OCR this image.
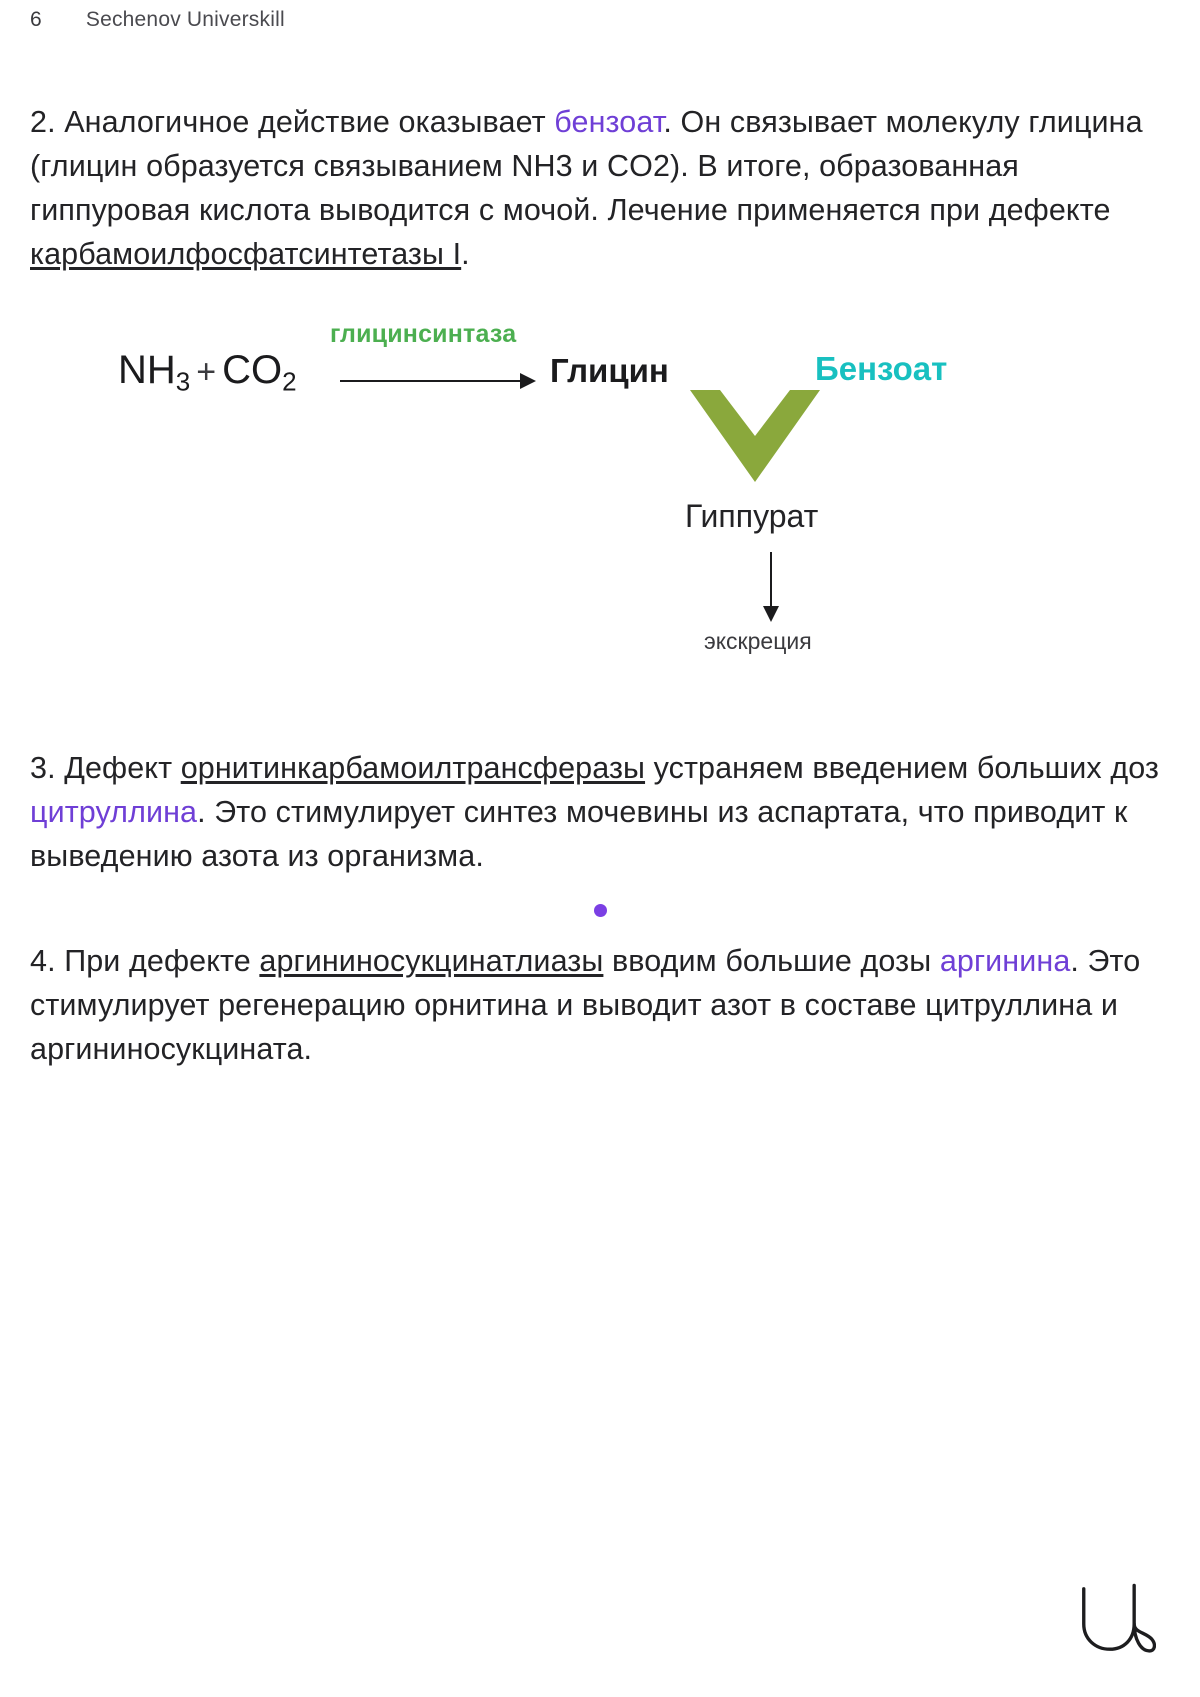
6 Sechenov Universkill

2. Аналогичное действие оказывает бензоат. Он связывает молекулу глицина (глицин образуется связыванием NH3 и CO2). В итоге, образованная гиппуровая кислота выводится с мочой. Лечение применяется при дефекте карбамоилфосфатсинтетазы I.

$NH_3 + CO_2$
глицинсинтаза
Глицин	Бензоат
Гиппурат
экскреция

3. Дефект орнитинкарбамоилтрансферазы устраняем введением больших доз цитруллина. Это стимулирует синтез мочевины из аспартата, что приводит к выведению азота из организма.

4. При дефекте аргининосукцинатлиазы вводим большие дозы аргинина. Это стимулирует регенерацию орнитина и выводит азот в составе цитруллина и аргининосукцината.
